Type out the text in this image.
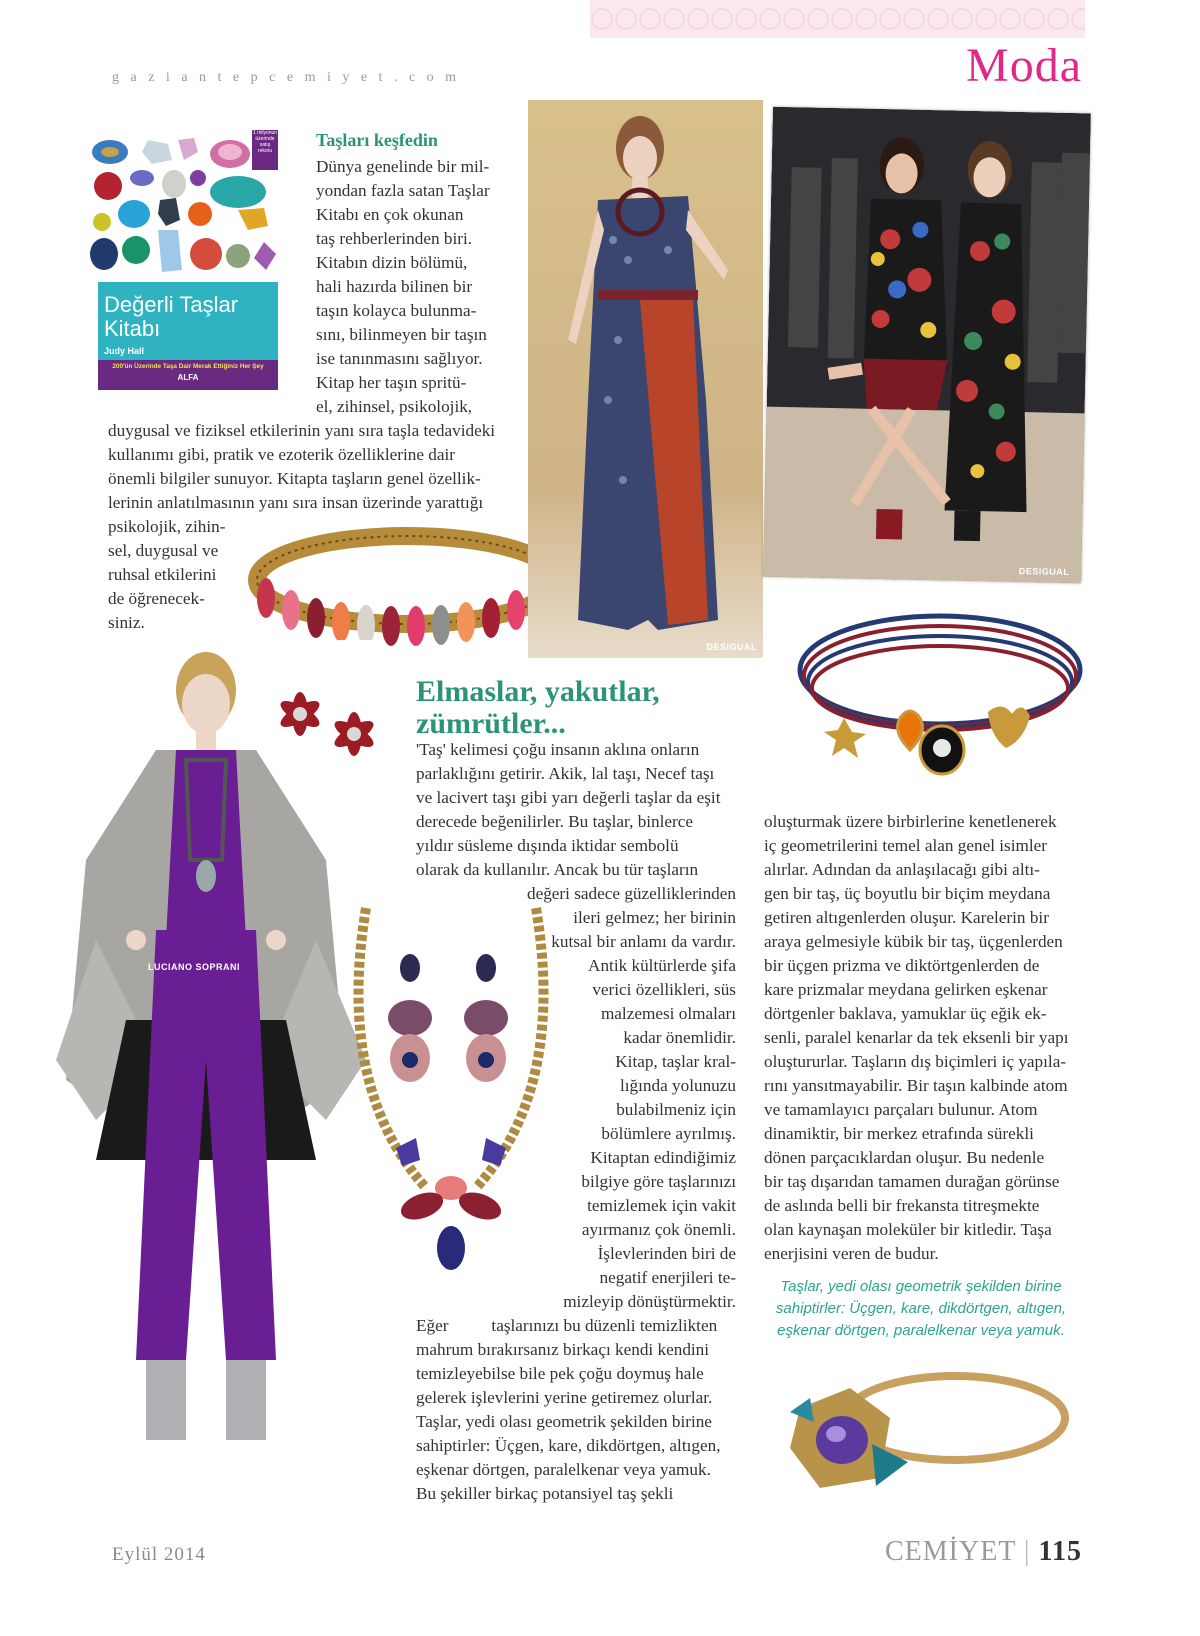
Moda
gaziantepcemiyet.com
1 milyonun üzerinde satış rekoru
Değerli Taşlar
Kitabı
Judy Hall
200'ün Üzerinde Taşa Dair Merak Ettiğiniz Her Şey
ALFA
Taşları keşfedin
Dünya genelinde bir mil-
yondan fazla satan Taşlar
Kitabı en çok okunan
taş rehberlerinden biri.
Kitabın dizin bölümü,
hali hazırda bilinen bir
taşın kolayca bulunma-
sını, bilinmeyen bir taşın
ise tanınmasını sağlıyor.
Kitap her taşın spritü-
el, zihinsel, psikolojik,
duygusal ve fiziksel etkilerinin yanı sıra taşla tedavideki
kullanımı gibi, pratik ve ezoterik özelliklerine dair
önemli bilgiler sunuyor. Kitapta taşların genel özellik-
lerinin anlatılmasının yanı sıra insan üzerinde yarattığı
psikolojik, zihin-
sel, duygusal ve
ruhsal etkilerini
de öğrenecek-
siniz.
DESIGUAL
DESIGUAL
LUCIANO SOPRANI
Elmaslar, yakutlar,
zümrütler...
'Taş' kelimesi çoğu insanın aklına onların
parlaklığını getirir. Akik, lal taşı, Necef taşı
ve lacivert taşı gibi yarı değerli taşlar da eşit
derecede beğenilirler. Bu taşlar, binlerce
yıldır süsleme dışında iktidar sembolü
olarak da kullanılır. Ancak bu tür taşların
değeri sadece güzelliklerinden
ileri gelmez; her birinin
kutsal bir anlamı da vardır.
Antik kültürlerde şifa
verici özellikleri, süs
malzemesi olmaları
kadar önemlidir.
Kitap, taşlar kral-
lığında yolunuzu
bulabilmeniz için
bölümlere ayrılmış.
Kitaptan edindiğimiz
bilgiye göre taşlarınızı
temizlemek için vakit
ayırmanız çok önemli.
İşlevlerinden biri de
negatif enerjileri te-
mizleyip dönüştürmektir.
Eğer          taşlarınızı bu düzenli temizlikten
mahrum bırakırsanız birkaçı kendi kendini
temizleyebilse bile pek çoğu doymuş hale
gelerek işlevlerini yerine getiremez olurlar.
Taşlar, yedi olası geometrik şekilden birine
sahiptirler: Üçgen, kare, dikdörtgen, altıgen,
eşkenar dörtgen, paralelkenar veya yamuk.
Bu şekiller birkaç potansiyel taş şekli
oluşturmak üzere birbirlerine kenetlenerek
iç geometrilerini temel alan genel isimler
alırlar. Adından da anlaşılacağı gibi altı-
gen bir taş, üç boyutlu bir biçim meydana
getiren altıgenlerden oluşur. Karelerin bir
araya gelmesiyle kübik bir taş, üçgenlerden
bir üçgen prizma ve diktörtgenlerden de
kare prizmalar meydana gelirken eşkenar
dörtgenler baklava, yamuklar üç eğik ek-
senli, paralel kenarlar da tek eksenli bir yapı
oluştururlar. Taşların dış biçimleri iç yapıla-
rını yansıtmayabilir. Bir taşın kalbinde atom
ve tamamlayıcı parçaları bulunur. Atom
dinamiktir, bir merkez etrafında sürekli
dönen parçacıklardan oluşur. Bu nedenle
bir taş dışarıdan tamamen durağan görünse
de aslında belli bir frekansta titreşmekte
olan kaynaşan moleküler bir kitledir. Taşa
enerjisini veren de budur.
Taşlar, yedi olası geometrik şekilden birine
sahiptirler: Üçgen, kare, dikdörtgen, altıgen,
eşkenar dörtgen, paralelkenar veya yamuk.
Eylül 2014	CEMİYET | 115
